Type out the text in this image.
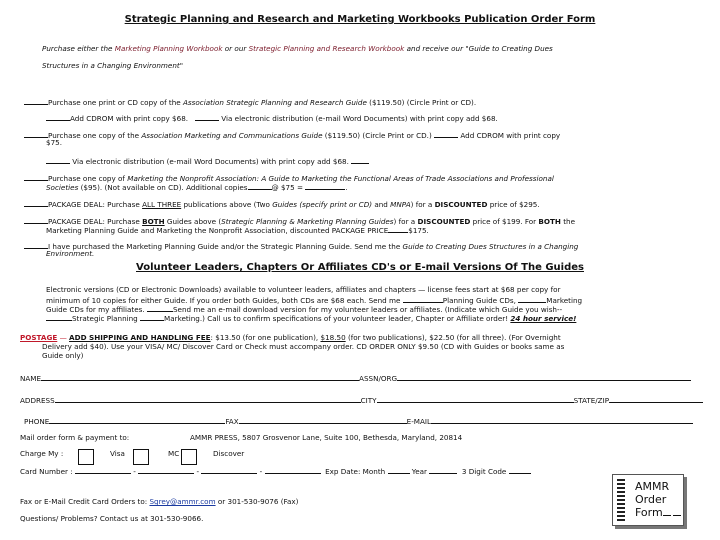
Strategic Planning and Research and Marketing Workbooks Publication Order Form
Purchase either the Marketing Planning Workbook or our Strategic Planning and Research Workbook and receive our "Guide to Creating Dues
Structures in a Changing Environment"
Purchase one print or CD copy of the Association Strategic Planning and Research Guide ($119.50) (Circle Print or CD).
Add CDROM with print copy $68.	Via electronic distribution (e-mail Word Documents) with print copy add $68.
Purchase one copy of the Association Marketing and Communications Guide ($119.50) (Circle Print or CD.)	Add CDROM with print copy
$75.
Via electronic distribution (e-mail Word Documents) with print copy add $68.
Purchase one copy of Marketing the Nonprofit Association: A Guide to Marketing the Functional Areas of Trade Associations and Professional
Societies ($95). (Not available on CD). Additional copies	@ $75 =	.
PACKAGE DEAL: Purchase ALL THREE publications above (Two Guides (specify print or CD) and MNPA) for a DISCOUNTED price of $295.
PACKAGE DEAL: Purchase BOTH Guides above (Strategic Planning & Marketing Planning Guides) for a DISCOUNTED price of $199. For BOTH the
Marketing Planning Guide and Marketing the Nonprofit Association, discounted PACKAGE PRICE	$175.
I have purchased the Marketing Planning Guide and/or the Strategic Planning Guide. Send me the Guide to Creating Dues Structures in a Changing
Environment.
Volunteer Leaders, Chapters Or Affiliates CD's or E-mail Versions Of The Guides
Electronic versions (CD or Electronic Downloads) available to volunteer leaders, affiliates and chapters — license fees start at $68 per copy for
minimum of 10 copies for either Guide. If you order both Guides, both CDs are $68 each. Send me	Planning Guide CDs,	Marketing
Guide CDs for my affiliates.	Send me an e-mail download version for my volunteer leaders or affiliates. (Indicate which Guide you wish--
Strategic Planning	Marketing.) Call us to confirm specifications of your volunteer leader, Chapter or Affiliate order! 24 hour service!
POSTAGE — ADD SHIPPING AND HANDLING FEE: $13.50 (for one publication), $18.50 (for two publications), $22.50 (for all three). (For Overnight
Delivery add $40). Use your VISA/ MC/ Discover Card or Check must accompany order. CD ORDER ONLY $9.50 (CD with Guides or books same as
Guide only)
NAME	ASSN/ORG
ADDRESS	CITY	STATE/ZIP
PHONE	FAX	E-MAIL
Mail order form & payment to:	AMMR PRESS, 5807 Grosvenor Lane, Suite 100, Bethesda, Maryland, 20814
Charge My :	Visa	MC	Discover
Card Number :	-	-	-	Exp Date: Month	Year	3 Digit Code
Fax or E-Mail Credit Card Orders to: Sgrey@ammr.com or 301-530-9076 (Fax)
Questions/ Problems? Contact us at 301-530-9066.
AMMR
Order
Form
